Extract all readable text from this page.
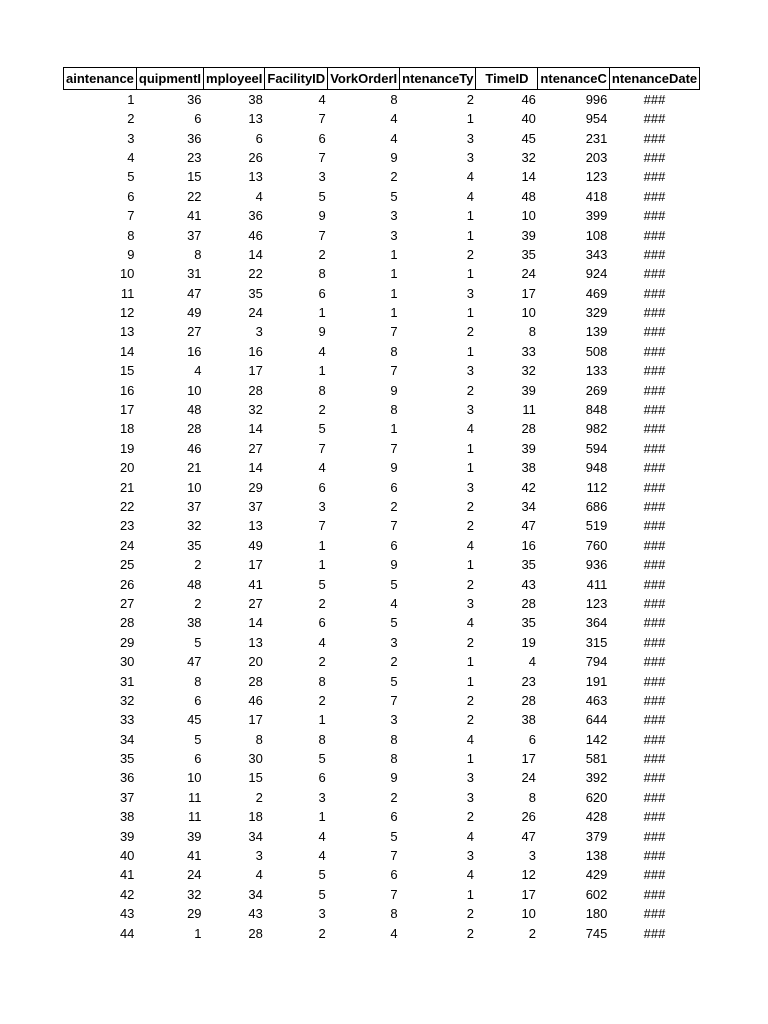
aintenance	quipmentI	mployeeI	FacilityID	VorkOrderI	ntenanceTy	TimeID	ntenanceC	ntenanceDate
1	36	38	4	8	2	46	996	###
2	6	13	7	4	1	40	954	###
3	36	6	6	4	3	45	231	###
4	23	26	7	9	3	32	203	###
5	15	13	3	2	4	14	123	###
6	22	4	5	5	4	48	418	###
7	41	36	9	3	1	10	399	###
8	37	46	7	3	1	39	108	###
9	8	14	2	1	2	35	343	###
10	31	22	8	1	1	24	924	###
11	47	35	6	1	3	17	469	###
12	49	24	1	1	1	10	329	###
13	27	3	9	7	2	8	139	###
14	16	16	4	8	1	33	508	###
15	4	17	1	7	3	32	133	###
16	10	28	8	9	2	39	269	###
17	48	32	2	8	3	11	848	###
18	28	14	5	1	4	28	982	###
19	46	27	7	7	1	39	594	###
20	21	14	4	9	1	38	948	###
21	10	29	6	6	3	42	112	###
22	37	37	3	2	2	34	686	###
23	32	13	7	7	2	47	519	###
24	35	49	1	6	4	16	760	###
25	2	17	1	9	1	35	936	###
26	48	41	5	5	2	43	411	###
27	2	27	2	4	3	28	123	###
28	38	14	6	5	4	35	364	###
29	5	13	4	3	2	19	315	###
30	47	20	2	2	1	4	794	###
31	8	28	8	5	1	23	191	###
32	6	46	2	7	2	28	463	###
33	45	17	1	3	2	38	644	###
34	5	8	8	8	4	6	142	###
35	6	30	5	8	1	17	581	###
36	10	15	6	9	3	24	392	###
37	11	2	3	2	3	8	620	###
38	11	18	1	6	2	26	428	###
39	39	34	4	5	4	47	379	###
40	41	3	4	7	3	3	138	###
41	24	4	5	6	4	12	429	###
42	32	34	5	7	1	17	602	###
43	29	43	3	8	2	10	180	###
44	1	28	2	4	2	2	745	###
